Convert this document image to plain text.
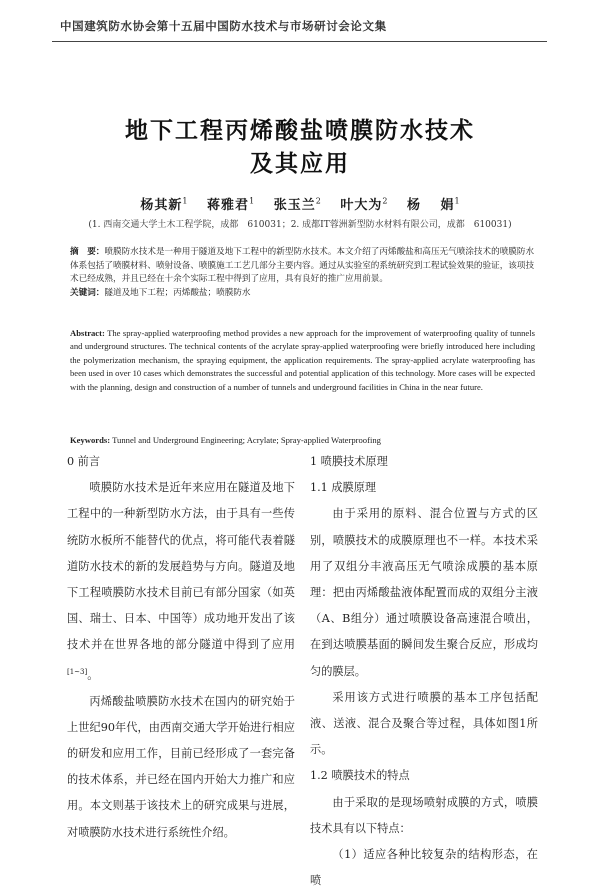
中国建筑防水协会第十五届中国防水技术与市场研讨会论文集
地下工程丙烯酸盐喷膜防水技术
及其应用
杨其新$^1$ 蒋雅君$^1$ 张玉兰$^2$ 叶大为$^2$ 杨 娟$^1$
(1. 西南交通大学土木工程学院，成都　610031；2. 成都IT蓉洲新型防水材料有限公司，成都　610031)
摘　要：喷膜防水技术是一种用于隧道及地下工程中的新型防水技术。本文介绍了丙烯酸盐和高压无气喷涂技术的喷膜防水体系包括了喷膜材料、喷射设备、喷膜施工工艺几部分主要内容。通过从实验室的系统研究到工程试验效果的验证，该项技术已经成熟，并且已经在十余个实际工程中得到了应用，具有良好的推广应用前景。
关键词：隧道及地下工程；丙烯酸盐；喷膜防水
Abstract: The spray-applied waterproofing method provides a new approach for the improvement of waterproofing quality of tunnels and underground structures. The technical contents of the acrylate spray-applied waterproofing were briefly introduced here including the polymerization mechanism, the spraying equipment, the application requirements. The spray-applied acrylate waterproofing has been used in over 10 cases which demonstrates the successful and potential application of this technology. More cases will be expected with the planning, design and construction of a number of tunnels and underground facilities in China in the near future.
Keywords: Tunnel and Underground Engineering; Acrylate; Spray-applied Waterproofing
0 前言

喷膜防水技术是近年来应用在隧道及地下工程中的一种新型防水方法，由于具有一些传统防水板所不能替代的优点，将可能代表着隧道防水技术的新的发展趋势与方向。隧道及地下工程喷膜防水技术目前已有部分国家（如英国、瑞士、日本、中国等）成功地开发出了该技术并在世界各地的部分隧道中得到了应用[1~3]。

丙烯酸盐喷膜防水技术在国内的研究始于上世纪90年代，由西南交通大学开始进行相应的研发和应用工作，目前已经形成了一套完备的技术体系，并已经在国内开始大力推广和应用。本文则基于该技术上的研究成果与进展，对喷膜防水技术进行系统性介绍。

1 喷膜技术原理
1.1 成膜原理

由于采用的原料、混合位置与方式的区别，喷膜技术的成膜原理也不一样。本技术采用了双组分丰液高压无气喷涂成膜的基本原理：把由丙烯酸盐液体配置而成的双组分主液（A、B组分）通过喷膜设备高速混合喷出，在到达喷膜基面的瞬间发生聚合反应，形成均匀的膜层。

采用该方式进行喷膜的基本工序包括配液、送液、混合及聚合等过程，具体如图1所示。

1.2 喷膜技术的特点

由于采取的是现场喷射成膜的方式，喷膜技术具有以下特点：

（1）适应各种比较复杂的结构形态，在喷
